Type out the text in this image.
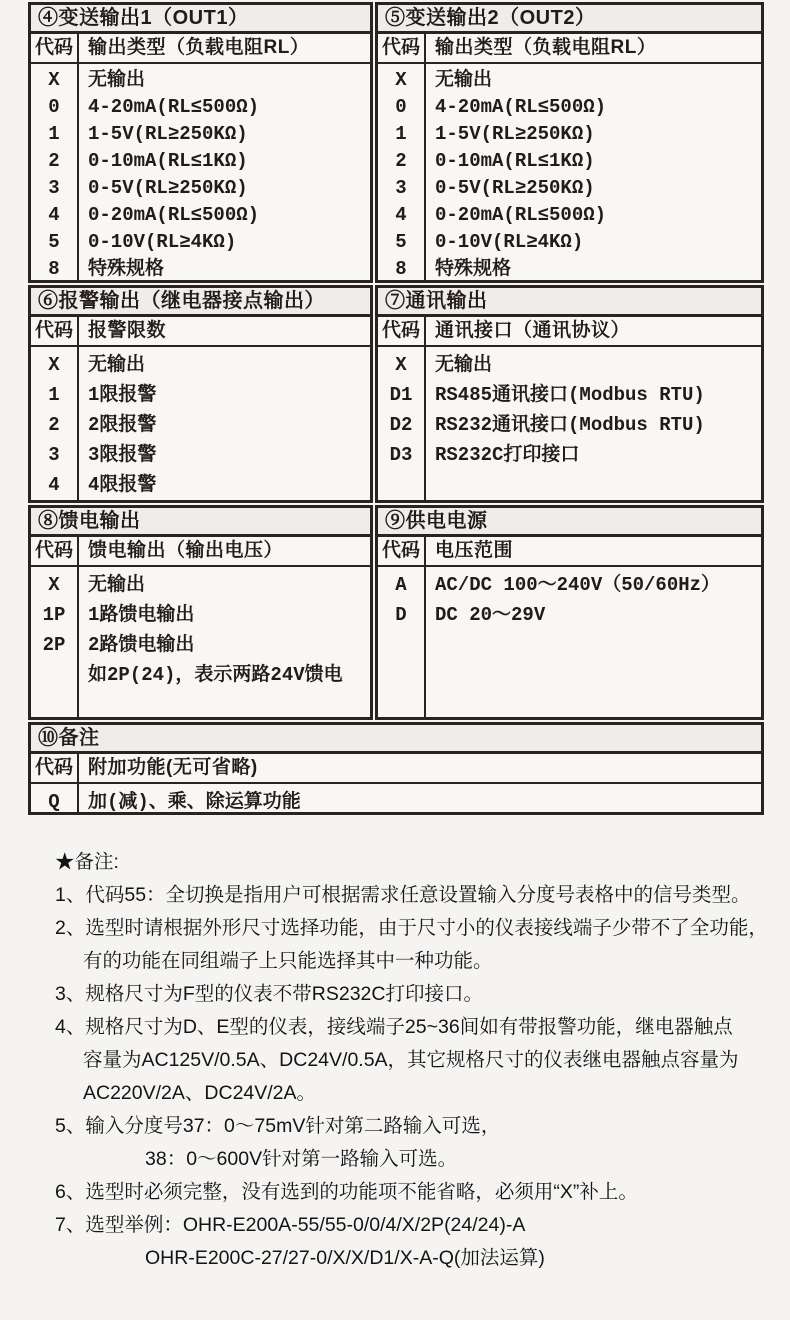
④变送输出1（OUT1）
代码 输出类型（负载电阻RL）
X
0
1
2
3
4
5
8
无输出
4-20mA(RL≤500Ω)
1-5V(RL≥250KΩ)
0-10mA(RL≤1KΩ)
0-5V(RL≥250KΩ)
0-20mA(RL≤500Ω)
0-10V(RL≥4KΩ)
特殊规格
⑤变送输出2（OUT2）
代码 输出类型（负载电阻RL）
X
0
1
2
3
4
5
8
无输出
4-20mA(RL≤500Ω)
1-5V(RL≥250KΩ)
0-10mA(RL≤1KΩ)
0-5V(RL≥250KΩ)
0-20mA(RL≤500Ω)
0-10V(RL≥4KΩ)
特殊规格
⑥报警输出（继电器接点输出）
代码 报警限数
X
1
2
3
4
无输出
1限报警
2限报警
3限报警
4限报警
⑦通讯输出
代码 通讯接口（通讯协议）
X
D1
D2
D3
无输出
RS485通讯接口(Modbus RTU)
RS232通讯接口(Modbus RTU)
RS232C打印接口
⑧馈电输出
代码 馈电输出（输出电压）
X
1P
2P
无输出
1路馈电输出
2路馈电输出
如2P(24)，表示两路24V馈电
⑨供电电源
代码 电压范围
A
D
AC/DC 100～240V（50/60Hz）
DC 20～29V
⑩备注
代码 附加功能(无可省略)
Q	加(减)、乘、除运算功能
★备注:
1、代码55：全切换是指用户可根据需求任意设置输入分度号表格中的信号类型。
2、选型时请根据外形尺寸选择功能，由于尺寸小的仪表接线端子少带不了全功能，
有的功能在同组端子上只能选择其中一种功能。
3、规格尺寸为F型的仪表不带RS232C打印接口。
4、规格尺寸为D、E型的仪表，接线端子25~36间如有带报警功能，继电器触点
容量为AC125V/0.5A、DC24V/0.5A，其它规格尺寸的仪表继电器触点容量为
AC220V/2A、DC24V/2A。
5、输入分度号37：0～75mV针对第二路输入可选，
38：0～600V针对第一路输入可选。
6、选型时必须完整，没有选到的功能项不能省略，必须用“X”补上。
7、选型举例：OHR-E200A-55/55-0/0/4/X/2P(24/24)-A
OHR-E200C-27/27-0/X/X/D1/X-A-Q(加法运算)
